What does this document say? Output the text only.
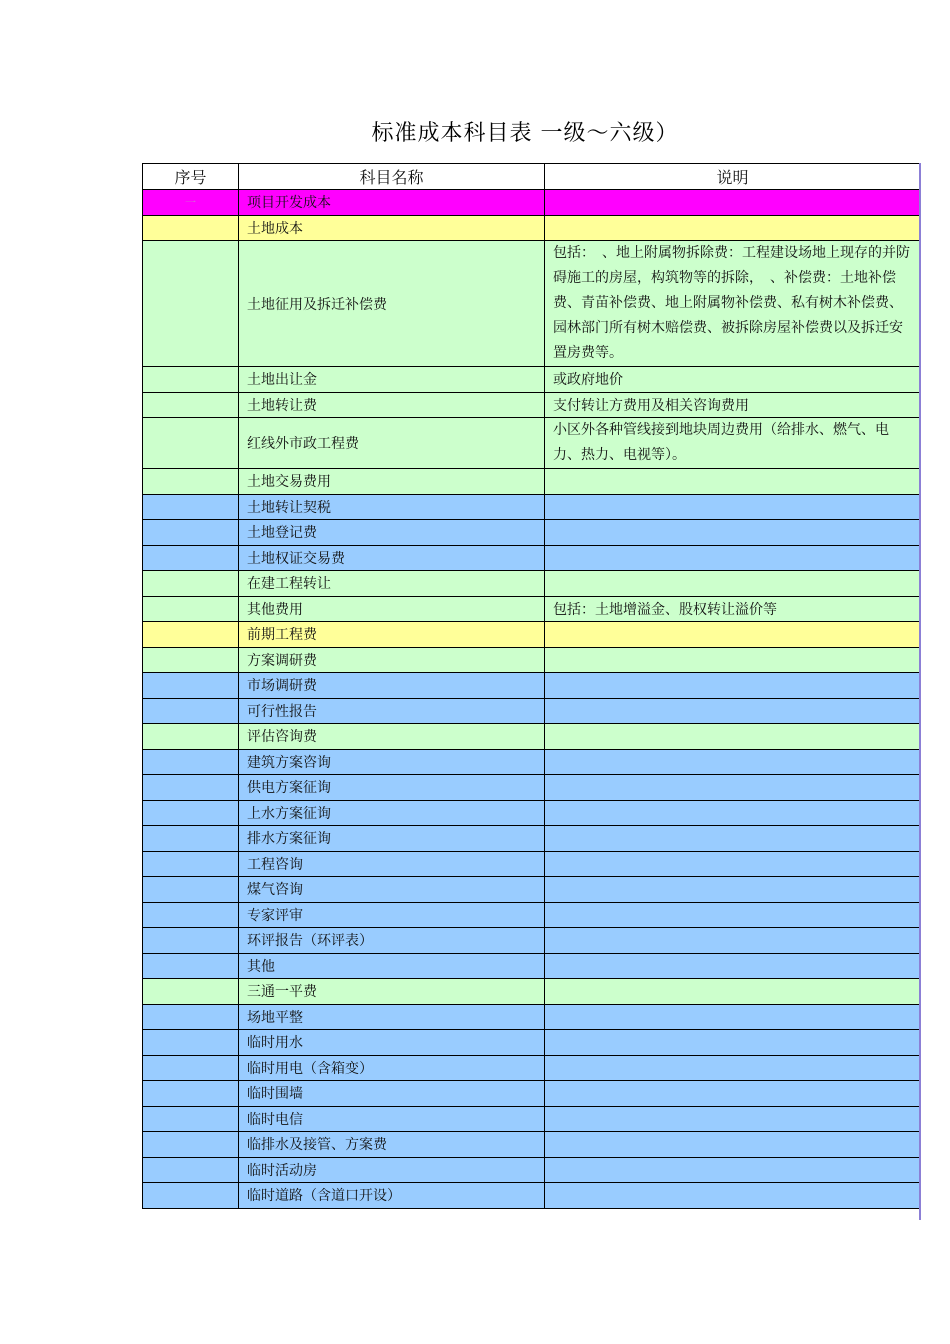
标准成本科目表 一级～六级）
序号	科目名称	说明
一	项目开发成本	
	土地成本	
	土地征用及拆迁补偿费	包括：　、地上附属物拆除费：工程建设场地上现存的并防碍施工的房屋，构筑物等的拆除，　、补偿费：土地补偿费、青苗补偿费、地上附属物补偿费、私有树木补偿费、园林部门所有树木赔偿费、被拆除房屋补偿费以及拆迁安置房费等。
	土地出让金	或政府地价
	土地转让费	支付转让方费用及相关咨询费用
	红线外市政工程费	小区外各种管线接到地块周边费用（给排水、燃气、电力、热力、电视等）。
	土地交易费用	
	土地转让契税	
	土地登记费	
	土地权证交易费	
	在建工程转让	
	其他费用	包括：土地增溢金、股权转让溢价等
	前期工程费	
	方案调研费	
	市场调研费	
	可行性报告	
	评估咨询费	
	建筑方案咨询	
	供电方案征询	
	上水方案征询	
	排水方案征询	
	工程咨询	
	煤气咨询	
	专家评审	
	环评报告（环评表）	
	其他	
	三通一平费	
	场地平整	
	临时用水	
	临时用电（含箱变）	
	临时围墙	
	临时电信	
	临排水及接管、方案费	
	临时活动房	
	临时道路（含道口开设）	
